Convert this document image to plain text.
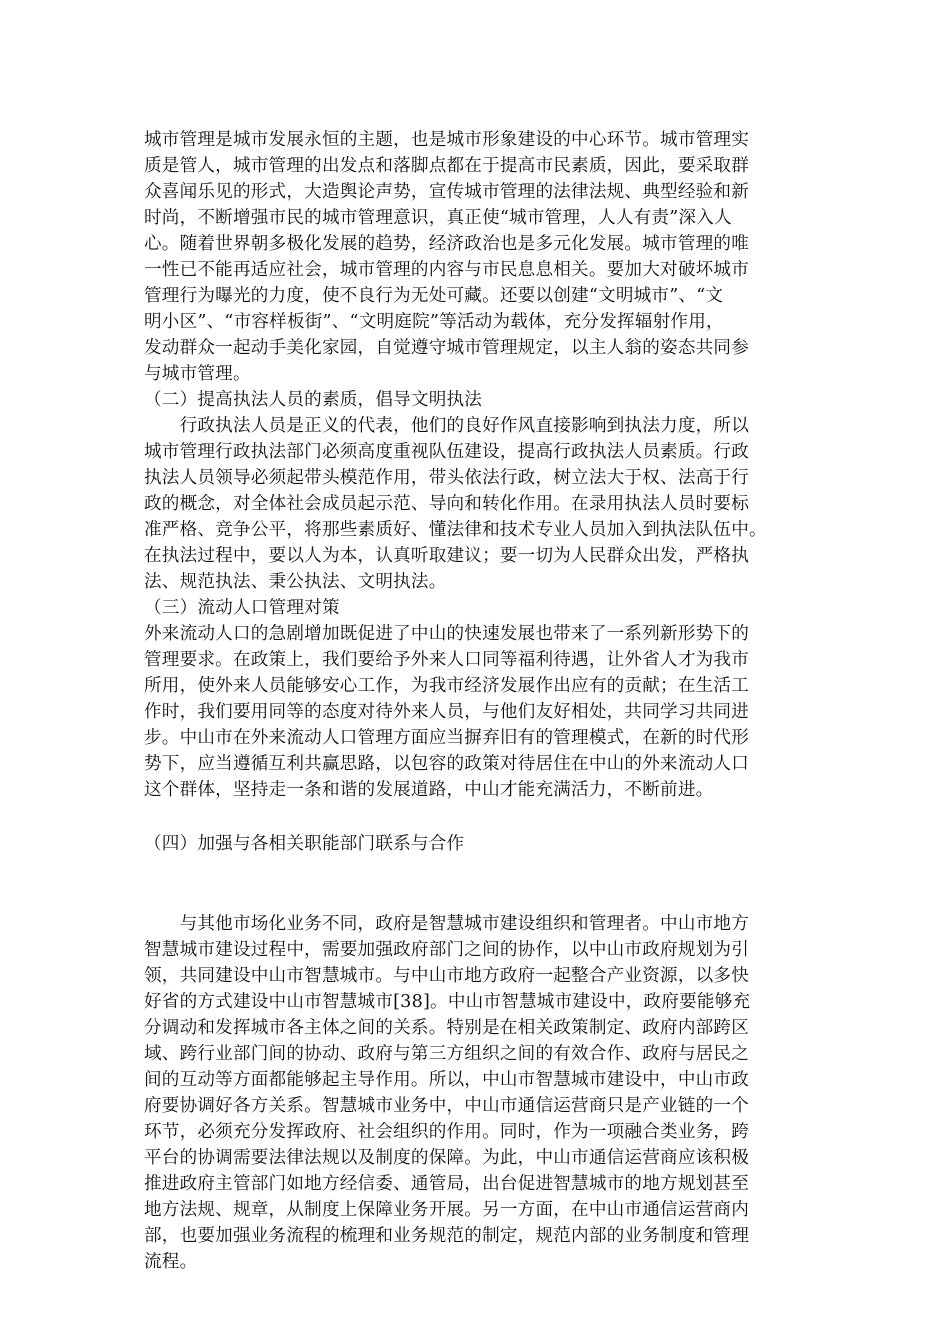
城市管理是城市发展永恒的主题，也是城市形象建设的中心环节。城市管理实
质是管人，城市管理的出发点和落脚点都在于提高市民素质，因此，要采取群
众喜闻乐见的形式，大造舆论声势，宣传城市管理的法律法规、典型经验和新
时尚，不断增强市民的城市管理意识，真正使“城市管理，人人有责”深入人
心。随着世界朝多极化发展的趋势，经济政治也是多元化发展。城市管理的唯
一性已不能再适应社会，城市管理的内容与市民息息相关。要加大对破坏城市
管理行为曝光的力度，使不良行为无处可藏。还要以创建“文明城市”、“文
明小区”、“市容样板街”、“文明庭院”等活动为载体，充分发挥辐射作用，
发动群众一起动手美化家园，自觉遵守城市管理规定，以主人翁的姿态共同参
与城市管理。
（二）提高执法人员的素质，倡导文明执法
　　行政执法人员是正义的代表，他们的良好作风直接影响到执法力度，所以
城市管理行政执法部门必须高度重视队伍建设，提高行政执法人员素质。行政
执法人员领导必须起带头模范作用，带头依法行政，树立法大于权、法高于行
政的概念，对全体社会成员起示范、导向和转化作用。在录用执法人员时要标
准严格、竞争公平，将那些素质好、懂法律和技术专业人员加入到执法队伍中。
在执法过程中，要以人为本，认真听取建议；要一切为人民群众出发，严格执
法、规范执法、秉公执法、文明执法。
（三）流动人口管理对策
外来流动人口的急剧增加既促进了中山的快速发展也带来了一系列新形势下的
管理要求。在政策上，我们要给予外来人口同等福利待遇，让外省人才为我市
所用，使外来人员能够安心工作，为我市经济发展作出应有的贡献；在生活工
作时，我们要用同等的态度对待外来人员，与他们友好相处，共同学习共同进
步。中山市在外来流动人口管理方面应当摒弃旧有的管理模式，在新的时代形
势下，应当遵循互利共赢思路，以包容的政策对待居住在中山的外来流动人口
这个群体，坚持走一条和谐的发展道路，中山才能充满活力，不断前进。
（四）加强与各相关职能部门联系与合作
　　与其他市场化业务不同，政府是智慧城市建设组织和管理者。中山市地方
智慧城市建设过程中，需要加强政府部门之间的协作，以中山市政府规划为引
领，共同建设中山市智慧城市。与中山市地方政府一起整合产业资源，以多快
好省的方式建设中山市智慧城市[38]。中山市智慧城市建设中，政府要能够充
分调动和发挥城市各主体之间的关系。特别是在相关政策制定、政府内部跨区
域、跨行业部门间的协动、政府与第三方组织之间的有效合作、政府与居民之
间的互动等方面都能够起主导作用。所以，中山市智慧城市建设中，中山市政
府要协调好各方关系。智慧城市业务中，中山市通信运营商只是产业链的一个
环节，必须充分发挥政府、社会组织的作用。同时，作为一项融合类业务，跨
平台的协调需要法律法规以及制度的保障。为此，中山市通信运营商应该积极
推进政府主管部门如地方经信委、通管局，出台促进智慧城市的地方规划甚至
地方法规、规章，从制度上保障业务开展。另一方面，在中山市通信运营商内
部，也要加强业务流程的梳理和业务规范的制定，规范内部的业务制度和管理
流程。
